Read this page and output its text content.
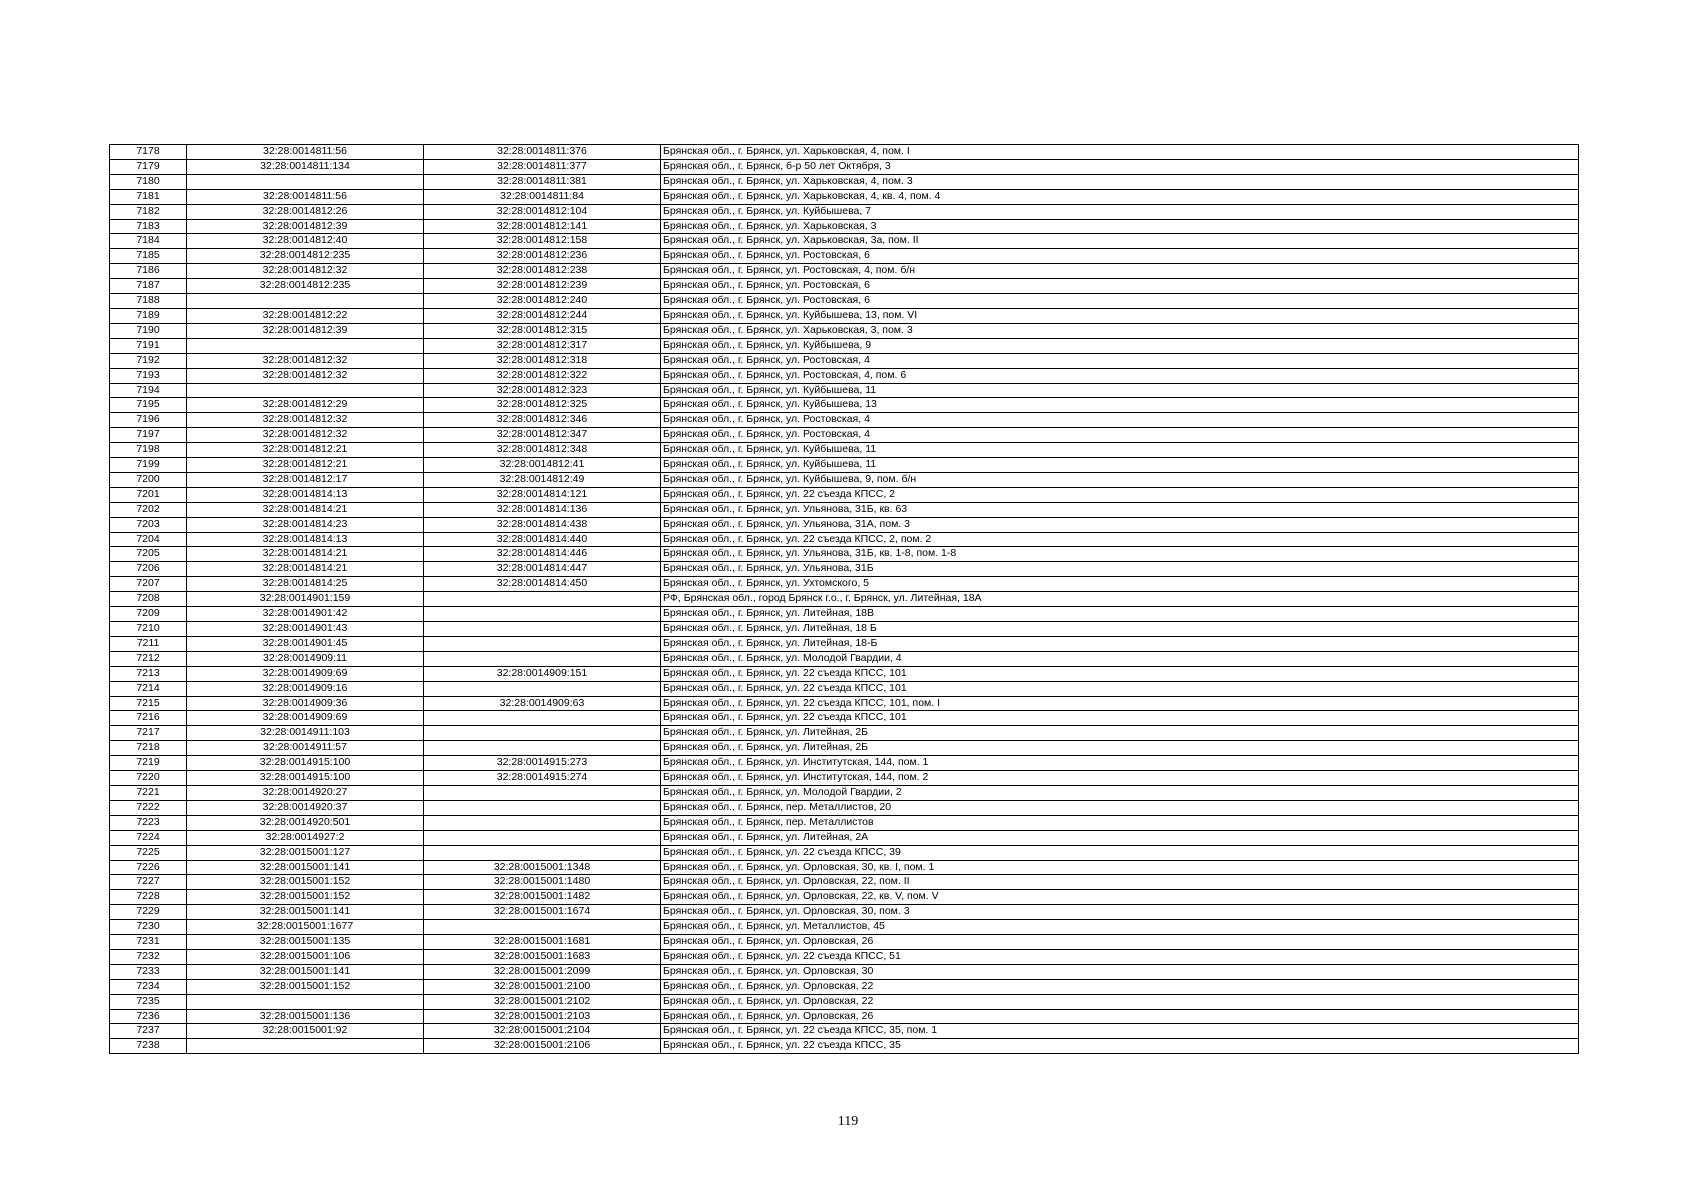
7178	32:28:0014811:56	32:28:0014811:376	Брянская обл., г. Брянск, ул. Харьковская, 4, пом. I
7179	32:28:0014811:134	32:28:0014811:377	Брянская обл., г. Брянск, б-р 50 лет Октября, 3
7180		32:28:0014811:381	Брянская обл., г. Брянск, ул. Харьковская, 4, пом. 3
7181	32:28:0014811:56	32:28:0014811:84	Брянская обл., г. Брянск, ул. Харьковская, 4, кв. 4, пом. 4
7182	32:28:0014812:26	32:28:0014812:104	Брянская обл., г. Брянск, ул. Куйбышева, 7
7183	32:28:0014812:39	32:28:0014812:141	Брянская обл., г. Брянск, ул. Харьковская, 3
7184	32:28:0014812:40	32:28:0014812:158	Брянская обл., г. Брянск, ул. Харьковская, 3а, пом. II
7185	32:28:0014812:235	32:28:0014812:236	Брянская обл., г. Брянск, ул. Ростовская, 6
7186	32:28:0014812:32	32:28:0014812:238	Брянская обл., г. Брянск, ул. Ростовская, 4, пом. б/н
7187	32:28:0014812:235	32:28:0014812:239	Брянская обл., г. Брянск, ул. Ростовская, 6
7188		32:28:0014812:240	Брянская обл., г. Брянск, ул. Ростовская, 6
7189	32:28:0014812:22	32:28:0014812:244	Брянская обл., г. Брянск, ул. Куйбышева, 13, пом. VI
7190	32:28:0014812:39	32:28:0014812:315	Брянская обл., г. Брянск, ул. Харьковская, 3, пом. 3
7191		32:28:0014812:317	Брянская обл., г. Брянск, ул. Куйбышева, 9
7192	32:28:0014812:32	32:28:0014812:318	Брянская обл., г. Брянск, ул. Ростовская, 4
7193	32:28:0014812:32	32:28:0014812:322	Брянская обл., г. Брянск, ул. Ростовская, 4, пом. 6
7194		32:28:0014812:323	Брянская обл., г. Брянск, ул. Куйбышева, 11
7195	32:28:0014812:29	32:28:0014812:325	Брянская обл., г. Брянск, ул. Куйбышева, 13
7196	32:28:0014812:32	32:28:0014812:346	Брянская обл., г. Брянск, ул. Ростовская, 4
7197	32:28:0014812:32	32:28:0014812:347	Брянская обл., г. Брянск, ул. Ростовская, 4
7198	32:28:0014812:21	32:28:0014812:348	Брянская обл., г. Брянск, ул. Куйбышева, 11
7199	32:28:0014812:21	32:28:0014812:41	Брянская обл., г. Брянск, ул. Куйбышева, 11
7200	32:28:0014812:17	32:28:0014812:49	Брянская обл., г. Брянск, ул. Куйбышева, 9, пом. б/н
7201	32:28:0014814:13	32:28:0014814:121	Брянская обл., г. Брянск, ул. 22 съезда КПСС, 2
7202	32:28:0014814:21	32:28:0014814:136	Брянская обл., г. Брянск, ул. Ульянова, 31Б, кв. 63
7203	32:28:0014814:23	32:28:0014814:438	Брянская обл., г. Брянск, ул. Ульянова, 31А, пом. 3
7204	32:28:0014814:13	32:28:0014814:440	Брянская обл., г. Брянск, ул. 22 съезда КПСС, 2, пом. 2
7205	32:28:0014814:21	32:28:0014814:446	Брянская обл., г. Брянск, ул. Ульянова, 31Б, кв. 1-8, пом. 1-8
7206	32:28:0014814:21	32:28:0014814:447	Брянская обл., г. Брянск, ул. Ульянова, 31Б
7207	32:28:0014814:25	32:28:0014814:450	Брянская обл., г. Брянск, ул. Ухтомского, 5
7208	32:28:0014901:159		РФ, Брянская обл., город Брянск г.о., г. Брянск, ул. Литейная, 18А
7209	32:28:0014901:42		Брянская обл., г. Брянск, ул. Литейная, 18В
7210	32:28:0014901:43		Брянская обл., г. Брянск, ул. Литейная, 18 Б
7211	32:28:0014901:45		Брянская обл., г. Брянск, ул. Литейная, 18-Б
7212	32:28:0014909:11		Брянская обл., г. Брянск, ул. Молодой Гвардии, 4
7213	32:28:0014909:69	32:28:0014909:151	Брянская обл., г. Брянск, ул. 22 съезда КПСС, 101
7214	32:28:0014909:16		Брянская обл., г. Брянск, ул. 22 съезда КПСС, 101
7215	32:28:0014909:36	32:28:0014909:63	Брянская обл., г. Брянск, ул. 22 съезда КПСС, 101, пом. I
7216	32:28:0014909:69		Брянская обл., г. Брянск, ул. 22 съезда КПСС, 101
7217	32:28:0014911:103		Брянская обл., г. Брянск, ул. Литейная, 2Б
7218	32:28:0014911:57		Брянская обл., г. Брянск, ул. Литейная, 2Б
7219	32:28:0014915:100	32:28:0014915:273	Брянская обл., г. Брянск, ул. Институтская, 144, пом. 1
7220	32:28:0014915:100	32:28:0014915:274	Брянская обл., г. Брянск, ул. Институтская, 144, пом. 2
7221	32:28:0014920:27		Брянская обл., г. Брянск, ул. Молодой Гвардии, 2
7222	32:28:0014920:37		Брянская обл., г. Брянск, пер. Металлистов, 20
7223	32:28:0014920:501		Брянская обл., г. Брянск, пер. Металлистов
7224	32:28:0014927:2		Брянская обл., г. Брянск, ул. Литейная, 2А
7225	32:28:0015001:127		Брянская обл., г. Брянск, ул. 22 съезда КПСС, 39
7226	32:28:0015001:141	32:28:0015001:1348	Брянская обл., г. Брянск, ул. Орловская, 30, кв. I, пом. 1
7227	32:28:0015001:152	32:28:0015001:1480	Брянская обл., г. Брянск, ул. Орловская, 22, пом. II
7228	32:28:0015001:152	32:28:0015001:1482	Брянская обл., г. Брянск, ул. Орловская, 22, кв. V, пом. V
7229	32:28:0015001:141	32:28:0015001:1674	Брянская обл., г. Брянск, ул. Орловская, 30, пом. 3
7230	32:28:0015001:1677		Брянская обл., г. Брянск, ул. Металлистов, 45
7231	32:28:0015001:135	32:28:0015001:1681	Брянская обл., г. Брянск, ул. Орловская, 26
7232	32:28:0015001:106	32:28:0015001:1683	Брянская обл., г. Брянск, ул. 22 съезда КПСС, 51
7233	32:28:0015001:141	32:28:0015001:2099	Брянская обл., г. Брянск, ул. Орловская, 30
7234	32:28:0015001:152	32:28:0015001:2100	Брянская обл., г. Брянск, ул. Орловская, 22
7235		32:28:0015001:2102	Брянская обл., г. Брянск, ул. Орловская, 22
7236	32:28:0015001:136	32:28:0015001:2103	Брянская обл., г. Брянск, ул. Орловская, 26
7237	32:28:0015001:92	32:28:0015001:2104	Брянская обл., г. Брянск, ул. 22 съезда КПСС, 35, пом. 1
7238		32:28:0015001:2106	Брянская обл., г. Брянск, ул. 22 съезда КПСС, 35
119
